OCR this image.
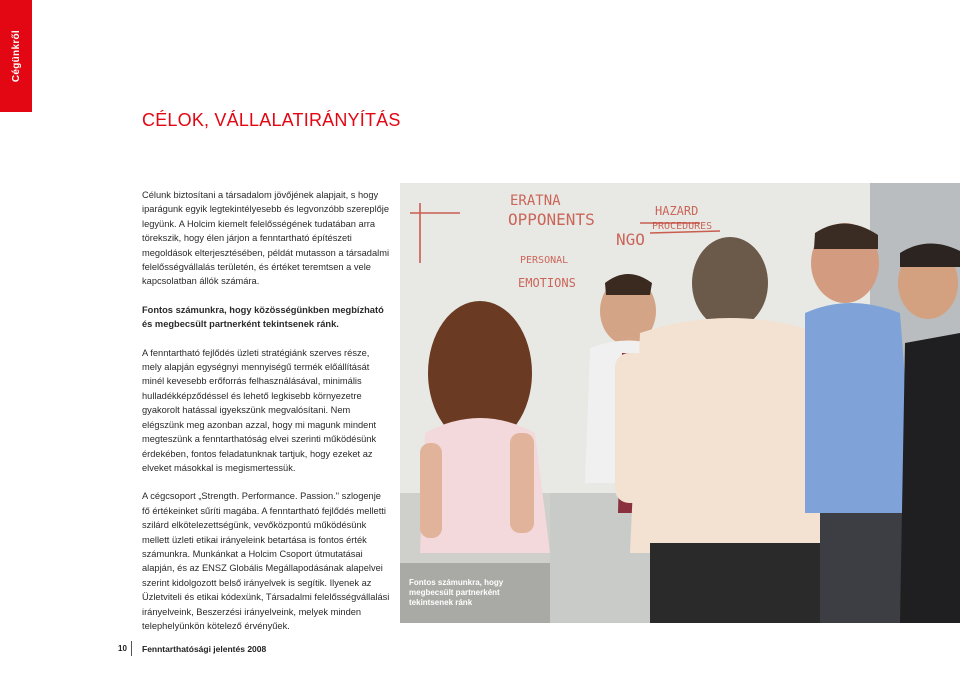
Cégünkről
CÉLOK, VÁLLALATIRÁNYÍTÁS

Célunk biztosítani a társadalom jövőjének alapjait, s hogy iparágunk egyik legtekintélyesebb és legvonzóbb szereplője legyünk. A Holcim kiemelt felelősségének tudatában arra törekszik, hogy élen járjon a fenntartható építészeti megoldások elterjesztésében, példát mutasson a társadalmi felelősségvállalás területén, és értéket teremtsen a vele kapcsolatban állók számára.

Fontos számunkra, hogy közösségünkben megbízható és megbecsült partnerként tekintsenek ránk.

A fenntartható fejlődés üzleti stratégiánk szerves része, mely alapján egységnyi mennyiségű termék előállítását minél kevesebb erőforrás felhasználásával, minimális hulladékképződéssel és lehető legkisebb környezetre gyakorolt hatással igyekszünk megvalósítani. Nem elégszünk meg azonban azzal, hogy mi magunk mindent megteszünk a fenntarthatóság elvei szerinti működésünk érdekében, fontos feladatunknak tartjuk, hogy ezeket az elveket másokkal is megismertessük.

A cégcsoport „Strength. Performance. Passion." szlogenje fő értékeinket sűríti magába. A fenntartható fejlődés melletti szilárd elkötelezettségünk, vevőközpontú működésünk mellett üzleti etikai irányeleink betartása is fontos érték számunkra. Munkánkat a Holcim Csoport útmutatásai alapján, és az ENSZ Globális Megállapodásának alapelvei szerint kidolgozott belső irányelvek is segítik. Ilyenek az Üzletviteli és etikai kódexünk, Társadalmi felelősségvállalási irányelveink, Beszerzési irányelveink, melyek minden telephelyünkön kötelező érvényűek.

ERATNA
OPPONENTS
PERSONAL
EMOTIONS
NGO
HAZARD
PROCEDURES
Fontos számunkra, hogy megbecsült partnerként tekintsenek ránk
10 Fenntarthatósági jelentés 2008
